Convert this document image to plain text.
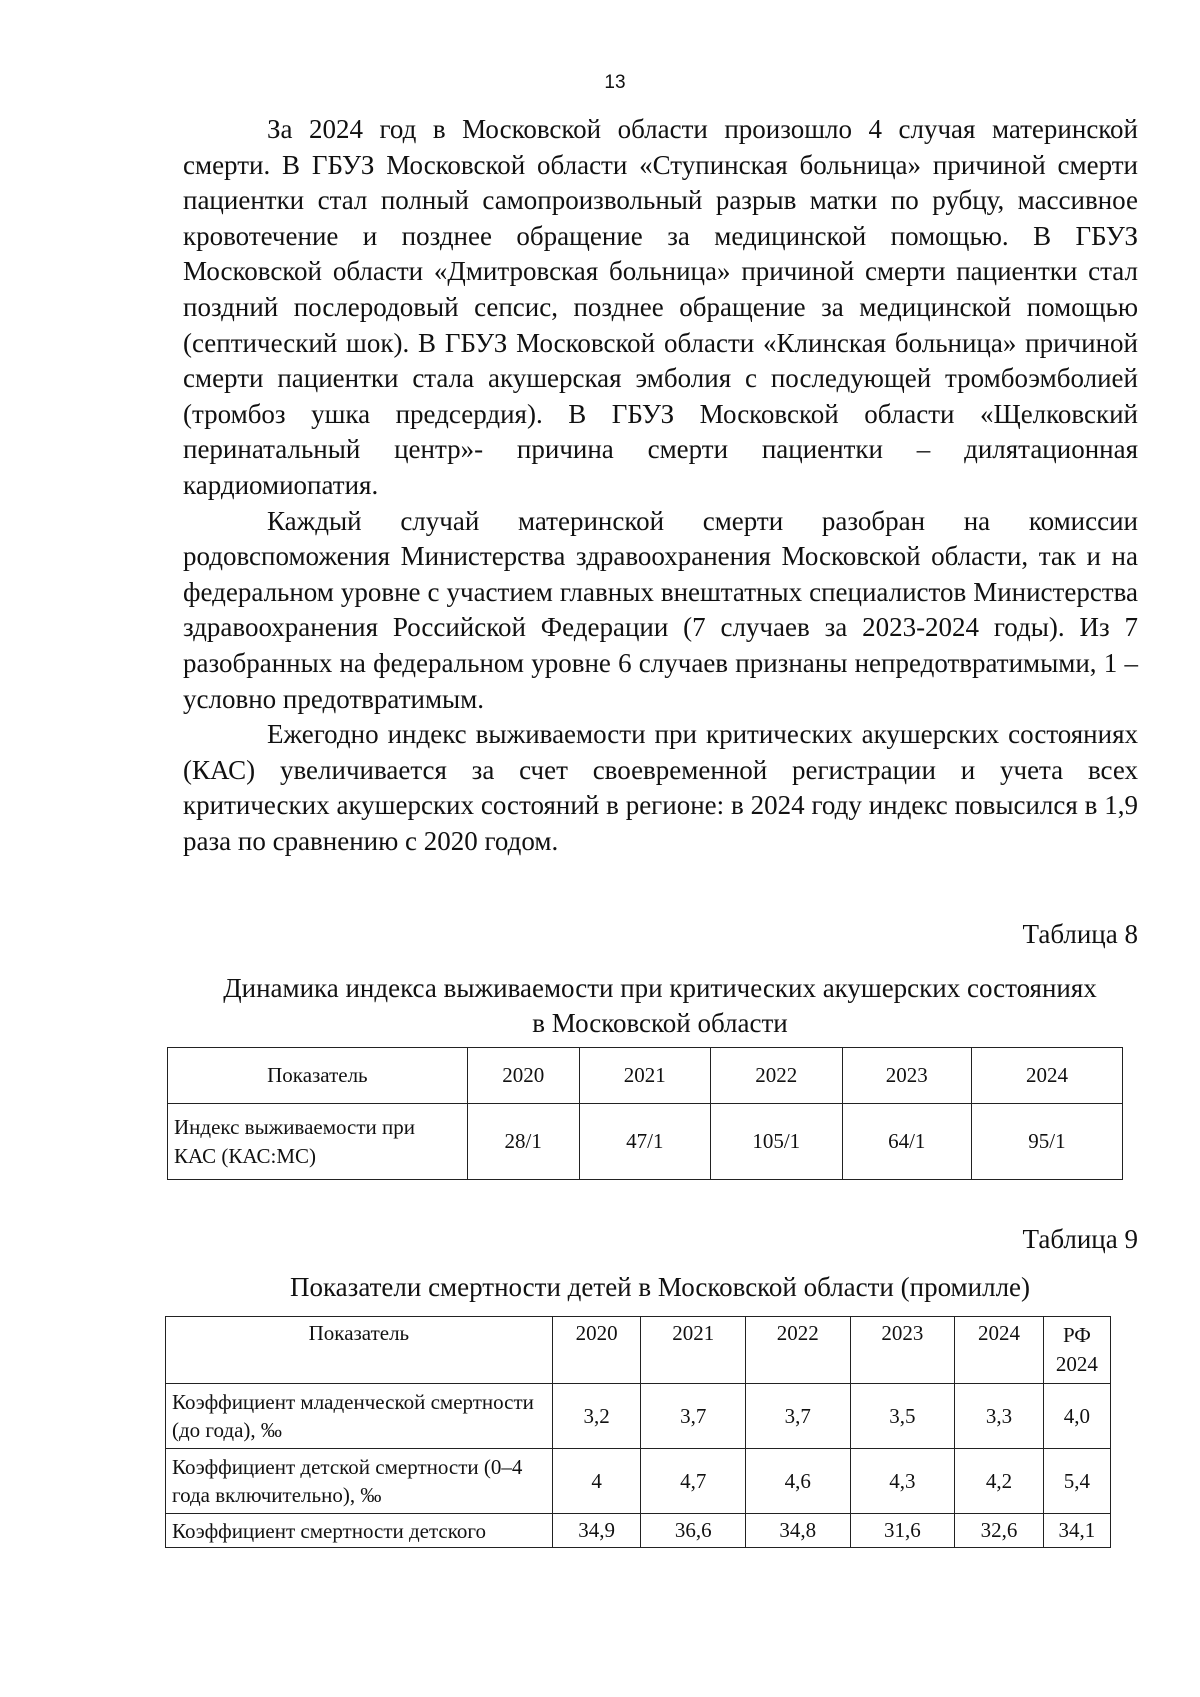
13

За 2024 год в Московской области произошло 4 случая материнской смерти. В ГБУЗ Московской области «Ступинская больница» причиной смерти пациентки стал полный самопроизвольный разрыв матки по рубцу, массивное кровотечение и позднее обращение за медицинской помощью. В ГБУЗ Московской области «Дмитровская больница» причиной смерти пациентки стал поздний послеродовый сепсис, позднее обращение за медицинской помощью (септический шок). В ГБУЗ Московской области «Клинская больница» причиной смерти пациентки стала акушерская эмболия с последующей тромбоэмболией (тромбоз ушка предсердия). В ГБУЗ Московской области «Щелковский перинатальный центр»- причина смерти пациентки – дилятационная кардиомиопатия.

Каждый случай материнской смерти разобран на комиссии родовспоможения Министерства здравоохранения Московской области, так и на федеральном уровне с участием главных внештатных специалистов Министерства здравоохранения Российской Федерации (7 случаев за 2023-2024 годы). Из 7 разобранных на федеральном уровне 6 случаев признаны непредотвратимыми, 1 – условно предотвратимым.

Ежегодно индекс выживаемости при критических акушерских состояниях (КАС) увеличивается за счет своевременной регистрации и учета всех критических акушерских состояний в регионе: в 2024 году индекс повысился в 1,9 раза по сравнению с 2020 годом.

Таблица 8

Динамика индекса выживаемости при критических акушерских состояниях

в Московской области

Показатель	2020	2021	2022	2023	2024
Индекс выживаемости при КАС (КАС:МС)	28/1	47/1	105/1	64/1	95/1

Таблица 9

Показатели смертности детей в Московской области (промилле)

Показатель	2020	2021	2022	2023	2024	РФ 2024
Коэффициент младенческой смертности (до года), ‰	3,2	3,7	3,7	3,5	3,3	4,0
Коэффициент детской смертности (0–4 года включительно), ‰	4	4,7	4,6	4,3	4,2	5,4
Коэффициент смертности детского	34,9	36,6	34,8	31,6	32,6	34,1
